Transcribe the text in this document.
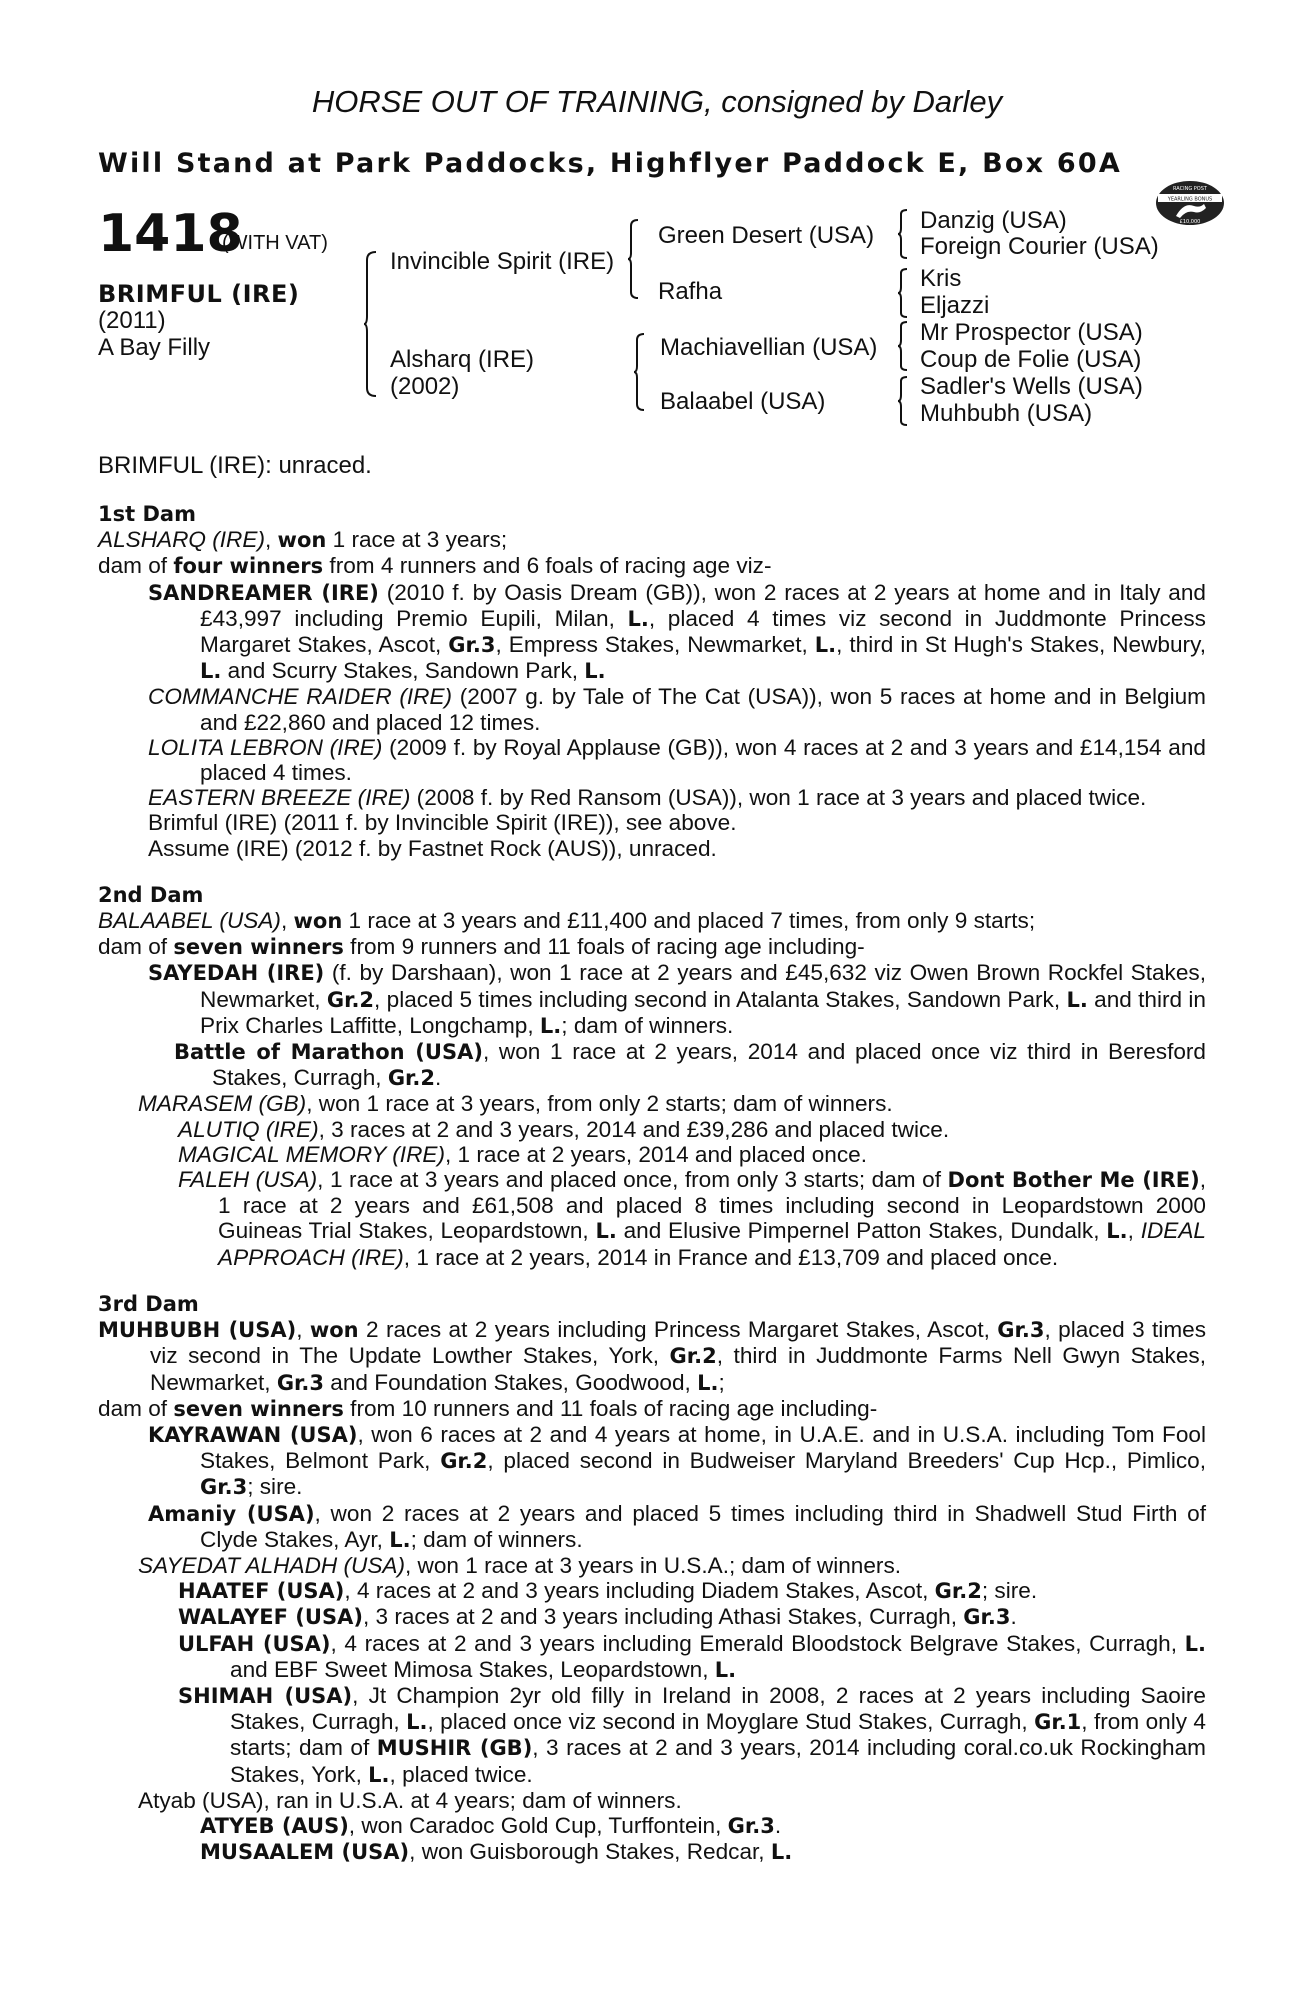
HORSE OUT OF TRAINING, consigned by Darley
Will Stand at Park Paddocks, Highflyer Paddock E, Box 60A
RACING POST
YEARLING BONUS
£10,000
1418
(WITH VAT)
BRIMFUL (IRE)
(2011)
A Bay Filly
Invincible Spirit (IRE)
Alsharq (IRE)
(2002)
Green Desert (USA)
Rafha
Machiavellian (USA)
Balaabel (USA)
Danzig (USA)
Foreign Courier (USA)
Kris
Eljazzi
Mr Prospector (USA)
Coup de Folie (USA)
Sadler's Wells (USA)
Muhbubh (USA)
BRIMFUL (IRE): unraced.

1st Dam

ALSHARQ (IRE), won 1 race at 3 years;

dam of four winners from 4 runners and 6 foals of racing age viz-

SANDREAMER (IRE) (2010 f. by Oasis Dream (GB)), won 2 races at 2 years at home and in Italy and £43,997 including Premio Eupili, Milan, L., placed 4 times viz second in Juddmonte Princess Margaret Stakes, Ascot, Gr.3, Empress Stakes, Newmarket, L., third in St Hugh's Stakes, Newbury, L. and Scurry Stakes, Sandown Park, L.

COMMANCHE RAIDER (IRE) (2007 g. by Tale of The Cat (USA)), won 5 races at home and in Belgium and £22,860 and placed 12 times.

LOLITA LEBRON (IRE) (2009 f. by Royal Applause (GB)), won 4 races at 2 and 3 years and £14,154 and placed 4 times.

EASTERN BREEZE (IRE) (2008 f. by Red Ransom (USA)), won 1 race at 3 years and placed twice.

Brimful (IRE) (2011 f. by Invincible Spirit (IRE)), see above.

Assume (IRE) (2012 f. by Fastnet Rock (AUS)), unraced.

2nd Dam

BALAABEL (USA), won 1 race at 3 years and £11,400 and placed 7 times, from only 9 starts;

dam of seven winners from 9 runners and 11 foals of racing age including-

SAYEDAH (IRE) (f. by Darshaan), won 1 race at 2 years and £45,632 viz Owen Brown Rockfel Stakes, Newmarket, Gr.2, placed 5 times including second in Atalanta Stakes, Sandown Park, L. and third in Prix Charles Laffitte, Longchamp, L.; dam of winners.

Battle of Marathon (USA), won 1 race at 2 years, 2014 and placed once viz third in Beresford Stakes, Curragh, Gr.2.

MARASEM (GB), won 1 race at 3 years, from only 2 starts; dam of winners.

ALUTIQ (IRE), 3 races at 2 and 3 years, 2014 and £39,286 and placed twice.

MAGICAL MEMORY (IRE), 1 race at 2 years, 2014 and placed once.

FALEH (USA), 1 race at 3 years and placed once, from only 3 starts; dam of Dont Bother Me (IRE), 1 race at 2 years and £61,508 and placed 8 times including second in Leopardstown 2000 Guineas Trial Stakes, Leopardstown, L. and Elusive Pimpernel Patton Stakes, Dundalk, L., IDEAL APPROACH (IRE), 1 race at 2 years, 2014 in France and £13,709 and placed once.

3rd Dam

MUHBUBH (USA), won 2 races at 2 years including Princess Margaret Stakes, Ascot, Gr.3, placed 3 times viz second in The Update Lowther Stakes, York, Gr.2, third in Juddmonte Farms Nell Gwyn Stakes, Newmarket, Gr.3 and Foundation Stakes, Goodwood, L.;

dam of seven winners from 10 runners and 11 foals of racing age including-

KAYRAWAN (USA), won 6 races at 2 and 4 years at home, in U.A.E. and in U.S.A. including Tom Fool Stakes, Belmont Park, Gr.2, placed second in Budweiser Maryland Breeders' Cup Hcp., Pimlico, Gr.3; sire.

Amaniy (USA), won 2 races at 2 years and placed 5 times including third in Shadwell Stud Firth of Clyde Stakes, Ayr, L.; dam of winners.

SAYEDAT ALHADH (USA), won 1 race at 3 years in U.S.A.; dam of winners.

HAATEF (USA), 4 races at 2 and 3 years including Diadem Stakes, Ascot, Gr.2; sire.

WALAYEF (USA), 3 races at 2 and 3 years including Athasi Stakes, Curragh, Gr.3.

ULFAH (USA), 4 races at 2 and 3 years including Emerald Bloodstock Belgrave Stakes, Curragh, L. and EBF Sweet Mimosa Stakes, Leopardstown, L.

SHIMAH (USA), Jt Champion 2yr old filly in Ireland in 2008, 2 races at 2 years including Saoire Stakes, Curragh, L., placed once viz second in Moyglare Stud Stakes, Curragh, Gr.1, from only 4 starts; dam of MUSHIR (GB), 3 races at 2 and 3 years, 2014 including coral.co.uk Rockingham Stakes, York, L., placed twice.

Atyab (USA), ran in U.S.A. at 4 years; dam of winners.

ATYEB (AUS), won Caradoc Gold Cup, Turffontein, Gr.3.

MUSAALEM (USA), won Guisborough Stakes, Redcar, L.
